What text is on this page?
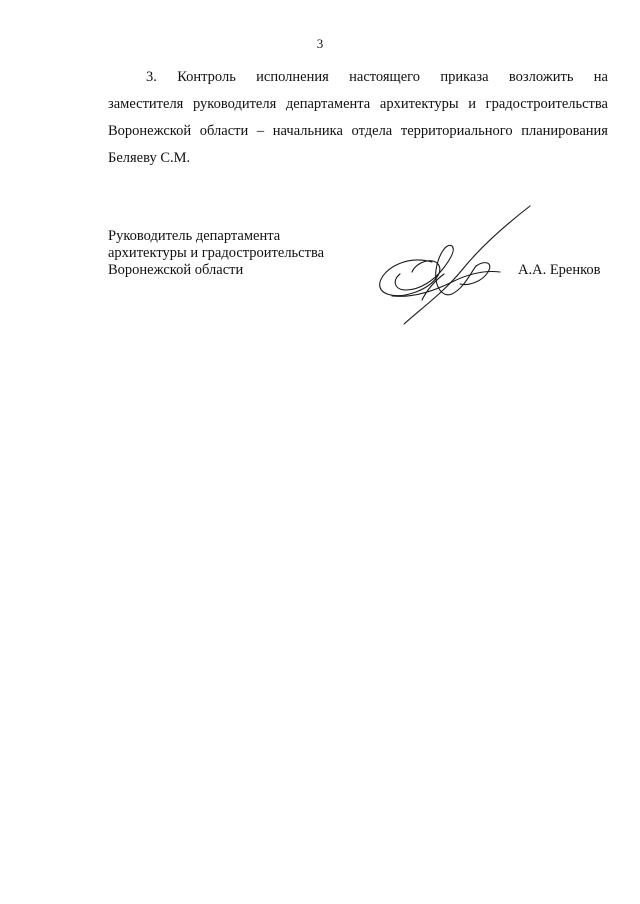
3
3. Контроль исполнения настоящего приказа возложить на
заместителя руководителя департамента архитектуры и градостроительства
Воронежской области – начальника отдела территориального планирования
Беляеву С.М.
Руководитель департамента
архитектуры и градостроительства
Воронежской области	А.А. Еренков
